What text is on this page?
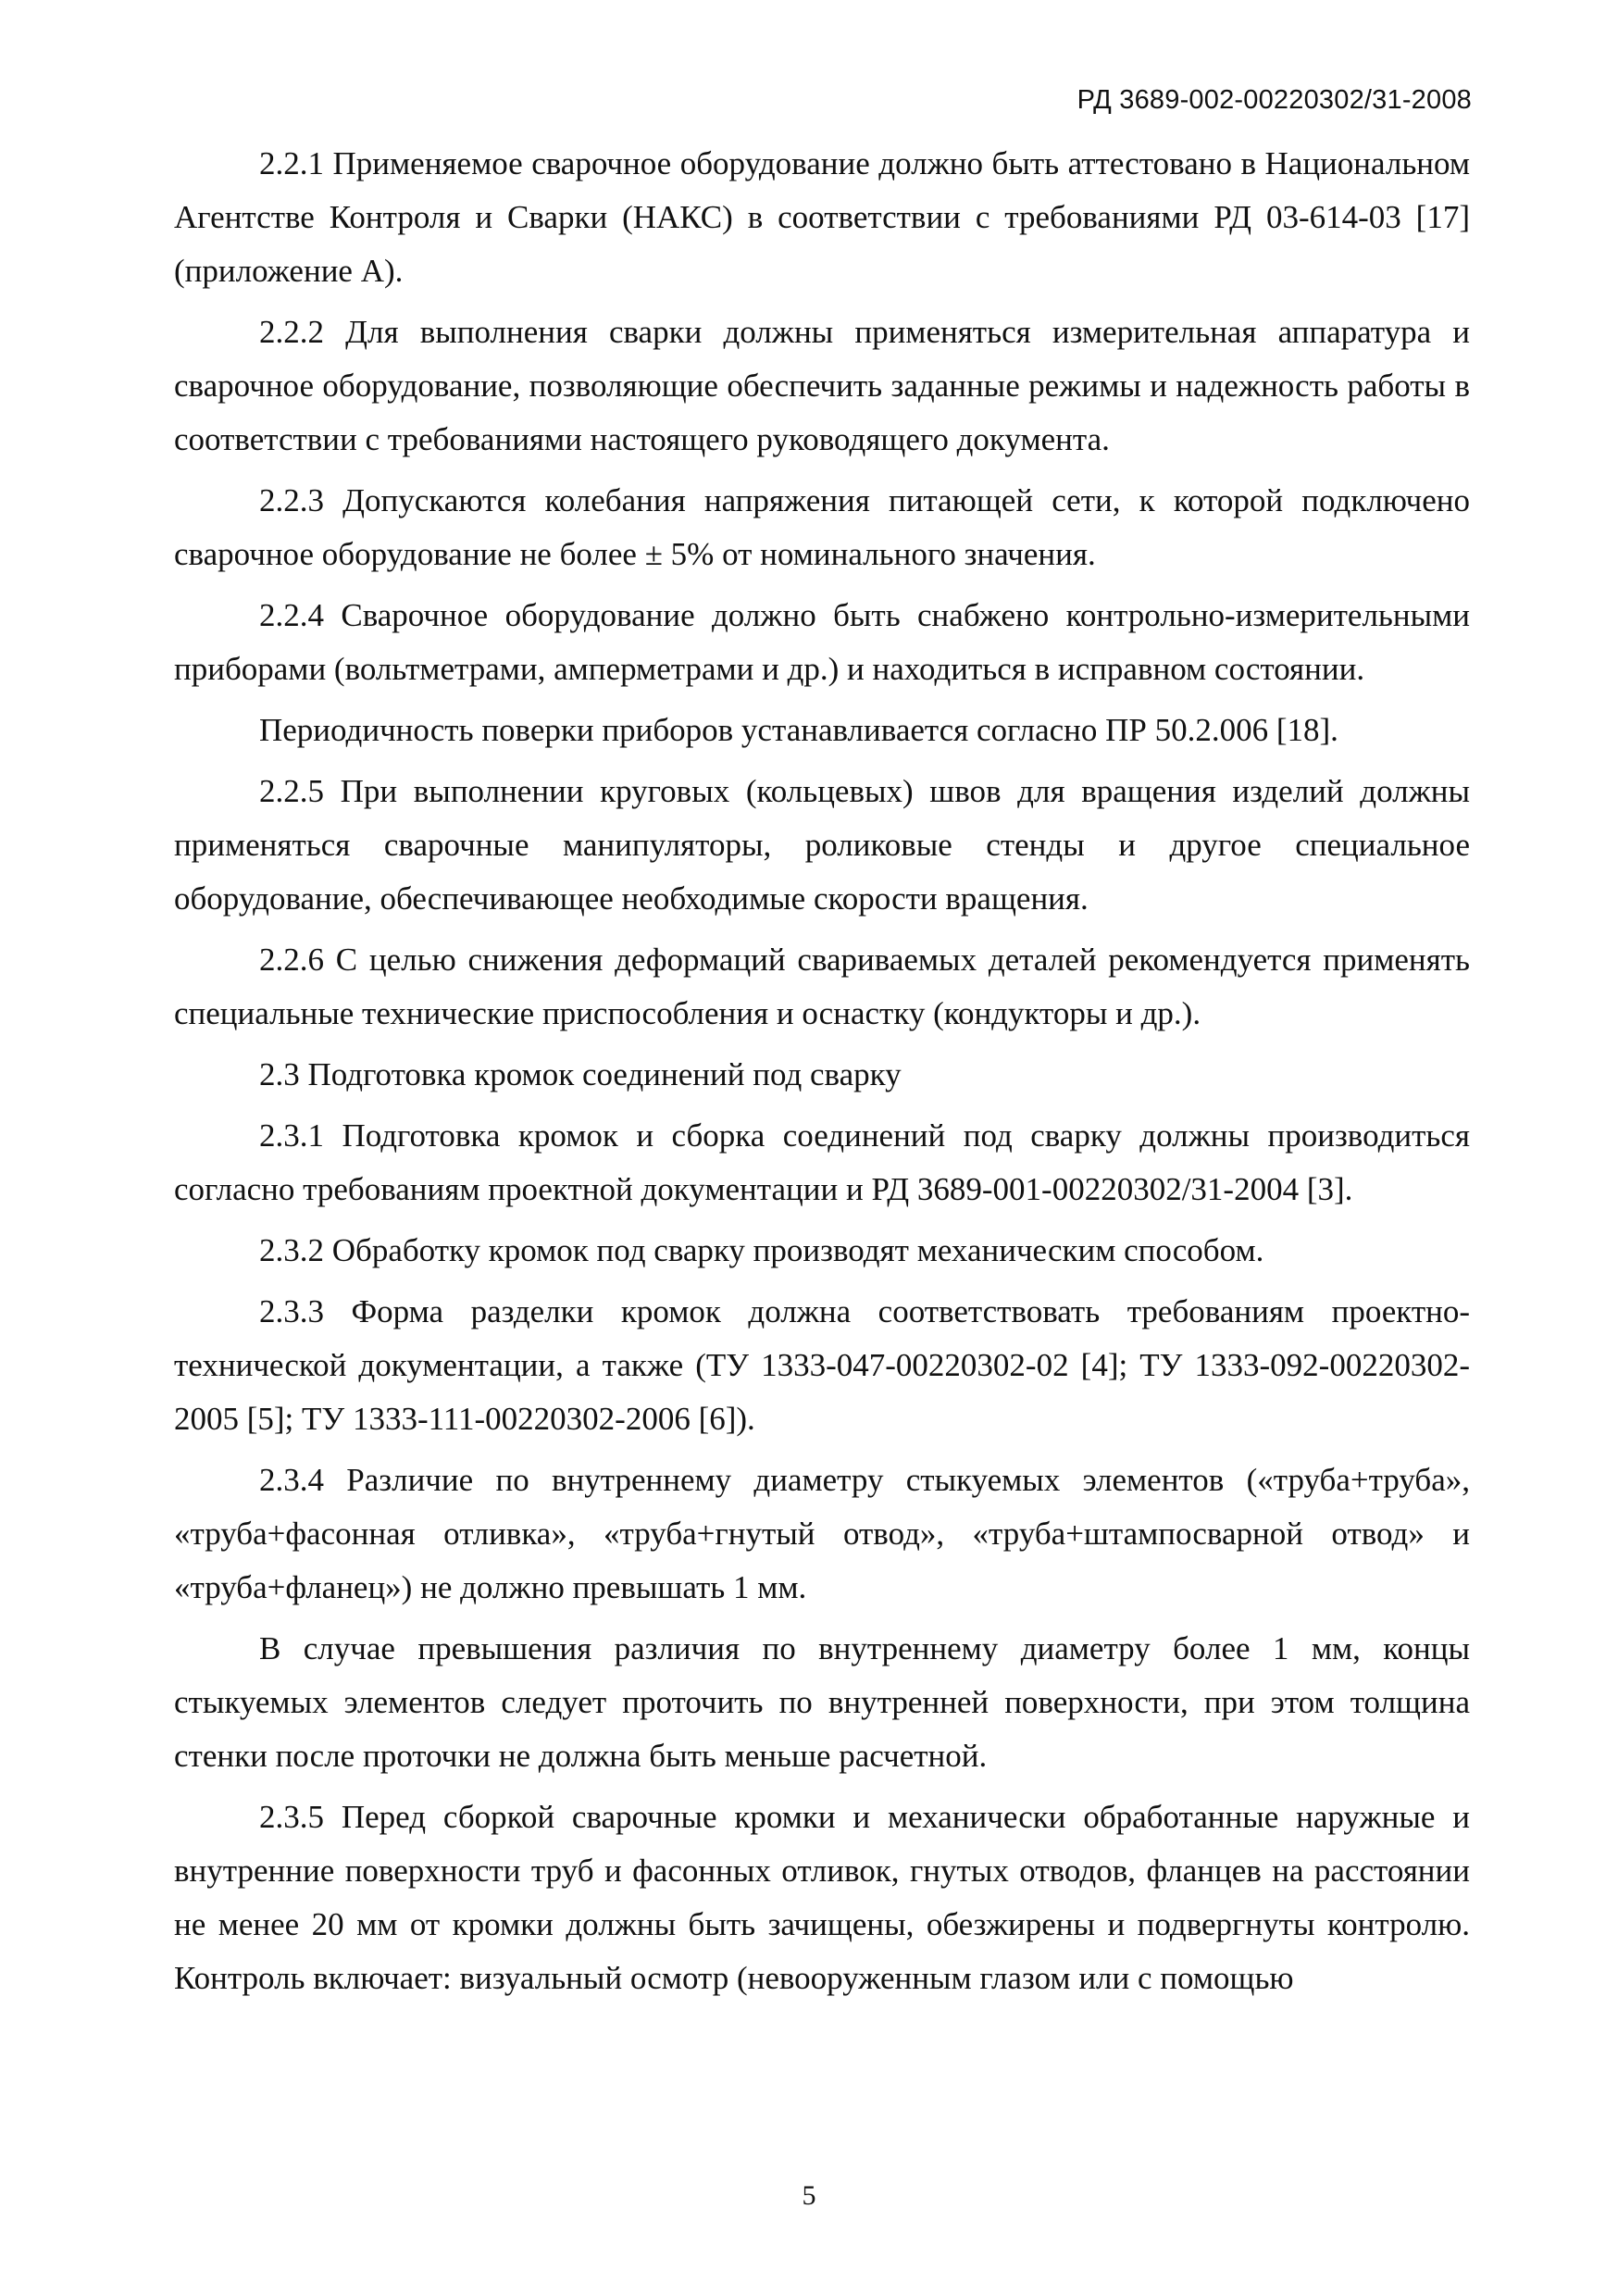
РД 3689-002-00220302/31-2008

2.2.1 Применяемое сварочное оборудование должно быть аттестовано в Национальном Агентстве Контроля и Сварки (НАКС) в соответствии с требованиями РД 03-614-03 [17] (приложение А).

2.2.2 Для выполнения сварки должны применяться измерительная аппаратура и сварочное оборудование, позволяющие обеспечить заданные режимы и надежность работы в соответствии с требованиями настоящего руководящего документа.

2.2.3 Допускаются колебания напряжения питающей сети, к которой подключено сварочное оборудование не более ± 5% от номинального значения.

2.2.4 Сварочное оборудование должно быть снабжено контрольно-измерительными приборами (вольтметрами, амперметрами и др.) и находиться в исправном состоянии.

Периодичность поверки приборов устанавливается согласно ПР 50.2.006 [18].

2.2.5 При выполнении круговых (кольцевых) швов для вращения изделий должны применяться сварочные манипуляторы, роликовые стенды и другое специальное оборудование, обеспечивающее необходимые скорости вращения.

2.2.6 С целью снижения деформаций свариваемых деталей рекомендуется применять специальные технические приспособления и оснастку (кондукторы и др.).

2.3 Подготовка кромок соединений под сварку

2.3.1 Подготовка кромок и сборка соединений под сварку должны производиться согласно требованиям проектной документации и РД 3689-001-00220302/31-2004 [3].

2.3.2 Обработку кромок под сварку производят механическим способом.

2.3.3 Форма разделки кромок должна соответствовать требованиям проектно-технической документации, а также (ТУ 1333-047-00220302-02 [4]; ТУ 1333-092-00220302-2005 [5]; ТУ 1333-111-00220302-2006 [6]).

2.3.4 Различие по внутреннему диаметру стыкуемых элементов («труба+труба», «труба+фасонная отливка», «труба+гнутый отвод», «труба+штампосварной отвод» и «труба+фланец») не должно превышать 1 мм.

В случае превышения различия по внутреннему диаметру более 1 мм, концы стыкуемых элементов следует проточить по внутренней поверхности, при этом толщина стенки после проточки не должна быть меньше расчетной.

2.3.5 Перед сборкой сварочные кромки и механически обработанные наружные и внутренние поверхности труб и фасонных отливок, гнутых отводов, фланцев на расстоянии не менее 20 мм от кромки должны быть зачищены, обезжирены и подвергнуты контролю. Контроль включает: визуальный осмотр (невооруженным глазом или с помощью

5
